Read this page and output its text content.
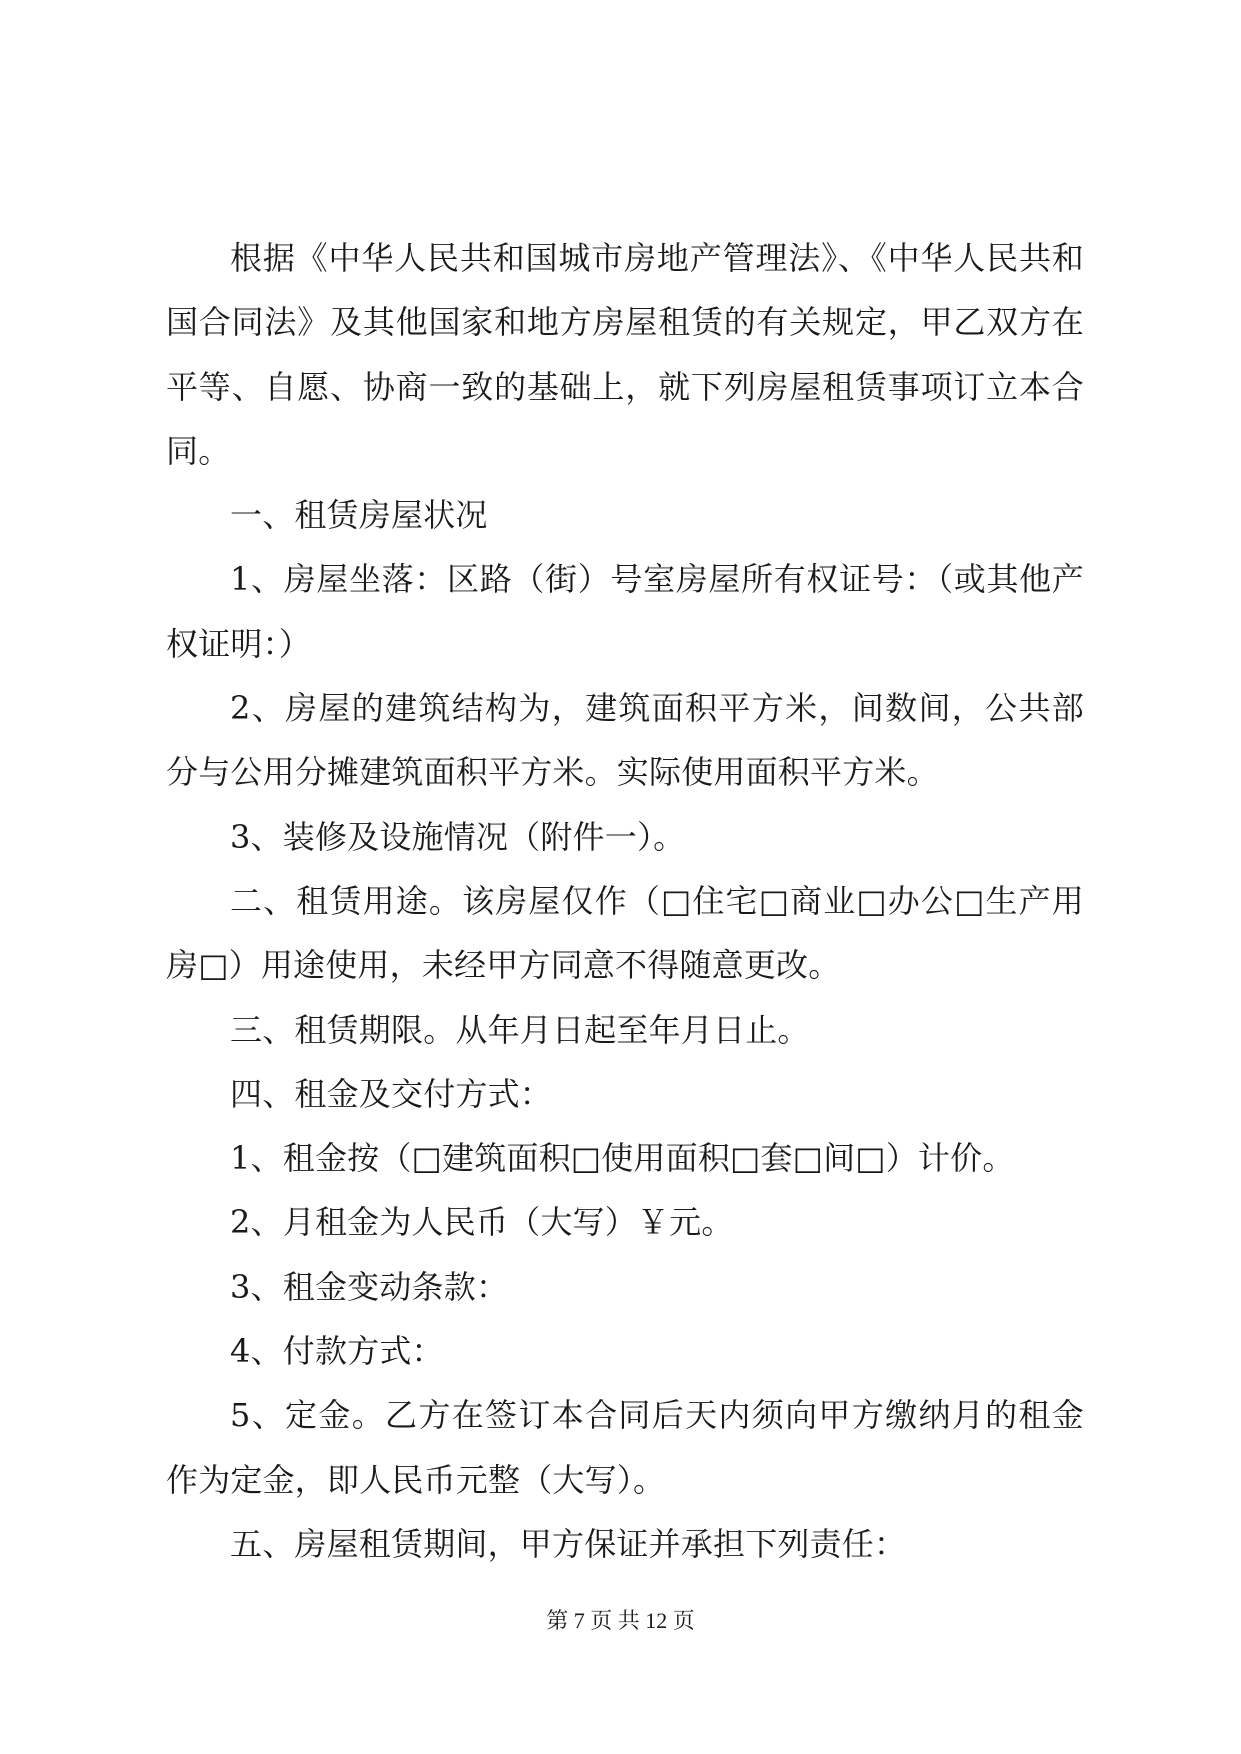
根据《中华人民共和国城市房地产管理法》、《中华人民共和国合同法》及其他国家和地方房屋租赁的有关规定，甲乙双方在平等、自愿、协商一致的基础上，就下列房屋租赁事项订立本合同。

一、租赁房屋状况

1、房屋坐落：区路（街）号室房屋所有权证号：（或其他产权证明：）

2、房屋的建筑结构为，建筑面积平方米，间数间，公共部分与公用分摊建筑面积平方米。实际使用面积平方米。

3、装修及设施情况（附件一）。

二、租赁用途。该房屋仅作（□住宅□商业□办公□生产用房□）用途使用，未经甲方同意不得随意更改。

三、租赁期限。从年月日起至年月日止。

四、租金及交付方式：

1、租金按（□建筑面积□使用面积□套□间□）计价。

2、月租金为人民币（大写）￥元。

3、租金变动条款：

4、付款方式：

5、定金。乙方在签订本合同后天内须向甲方缴纳月的租金作为定金，即人民币元整（大写）。

五、房屋租赁期间，甲方保证并承担下列责任：

第 7 页 共 12 页
